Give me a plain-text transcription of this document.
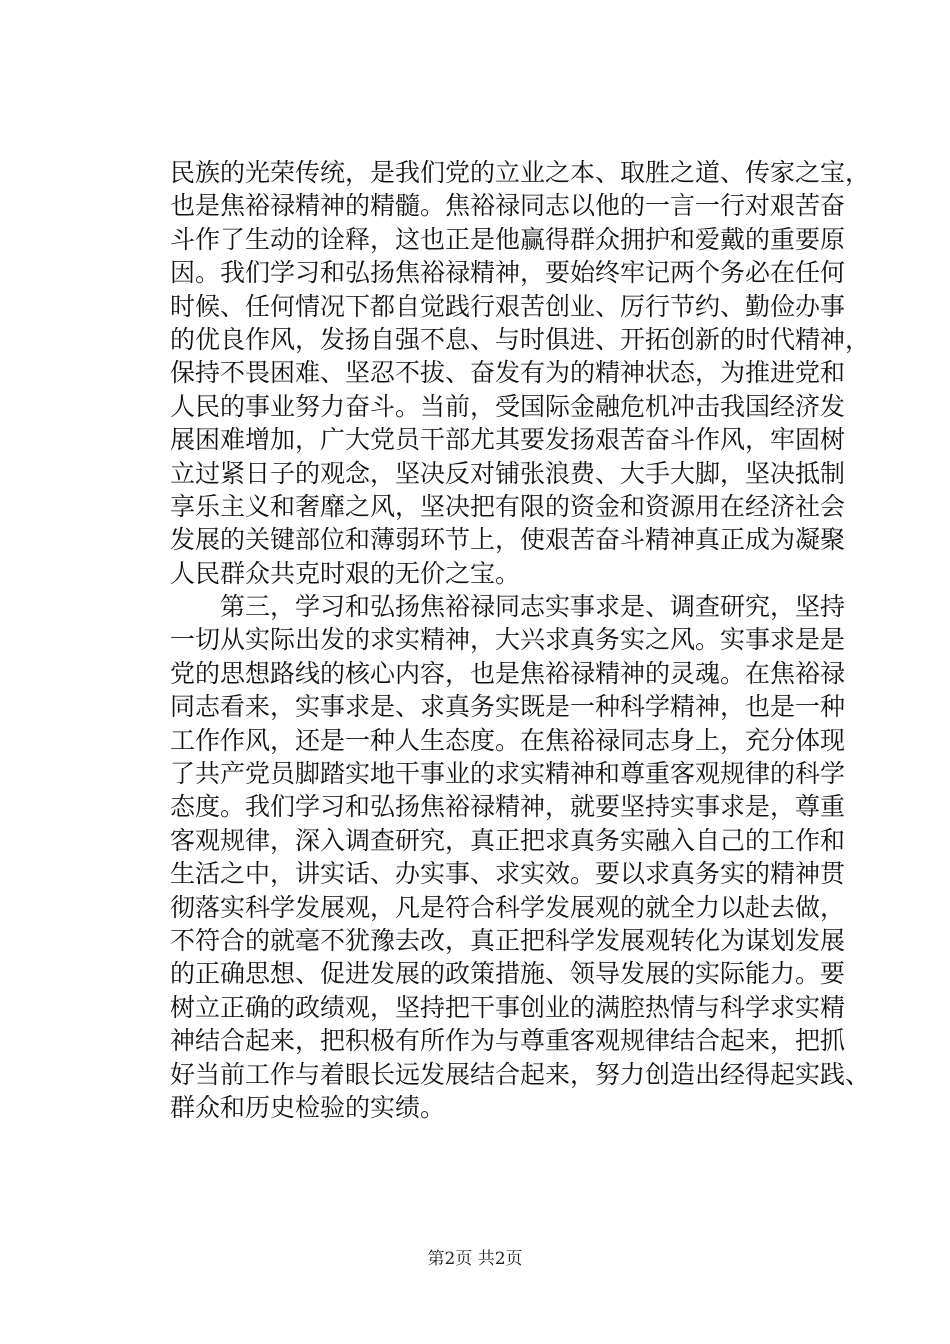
民族的光荣传统，是我们党的立业之本、取胜之道、传家之宝，
也是焦裕禄精神的精髓。焦裕禄同志以他的一言一行对艰苦奋
斗作了生动的诠释，这也正是他赢得群众拥护和爱戴的重要原
因。我们学习和弘扬焦裕禄精神，要始终牢记两个务必在任何
时候、任何情况下都自觉践行艰苦创业、厉行节约、勤俭办事
的优良作风，发扬自强不息、与时俱进、开拓创新的时代精神，
保持不畏困难、坚忍不拔、奋发有为的精神状态，为推进党和
人民的事业努力奋斗。当前，受国际金融危机冲击我国经济发
展困难增加，广大党员干部尤其要发扬艰苦奋斗作风，牢固树
立过紧日子的观念，坚决反对铺张浪费、大手大脚，坚决抵制
享乐主义和奢靡之风，坚决把有限的资金和资源用在经济社会
发展的关键部位和薄弱环节上，使艰苦奋斗精神真正成为凝聚
人民群众共克时艰的无价之宝。
　　第三，学习和弘扬焦裕禄同志实事求是、调查研究，坚持
一切从实际出发的求实精神，大兴求真务实之风。实事求是是
党的思想路线的核心内容，也是焦裕禄精神的灵魂。在焦裕禄
同志看来，实事求是、求真务实既是一种科学精神，也是一种
工作作风，还是一种人生态度。在焦裕禄同志身上，充分体现
了共产党员脚踏实地干事业的求实精神和尊重客观规律的科学
态度。我们学习和弘扬焦裕禄精神，就要坚持实事求是，尊重
客观规律，深入调查研究，真正把求真务实融入自己的工作和
生活之中，讲实话、办实事、求实效。要以求真务实的精神贯
彻落实科学发展观，凡是符合科学发展观的就全力以赴去做，
不符合的就毫不犹豫去改，真正把科学发展观转化为谋划发展
的正确思想、促进发展的政策措施、领导发展的实际能力。要
树立正确的政绩观，坚持把干事创业的满腔热情与科学求实精
神结合起来，把积极有所作为与尊重客观规律结合起来，把抓
好当前工作与着眼长远发展结合起来，努力创造出经得起实践、
群众和历史检验的实绩。
第2页 共2页
